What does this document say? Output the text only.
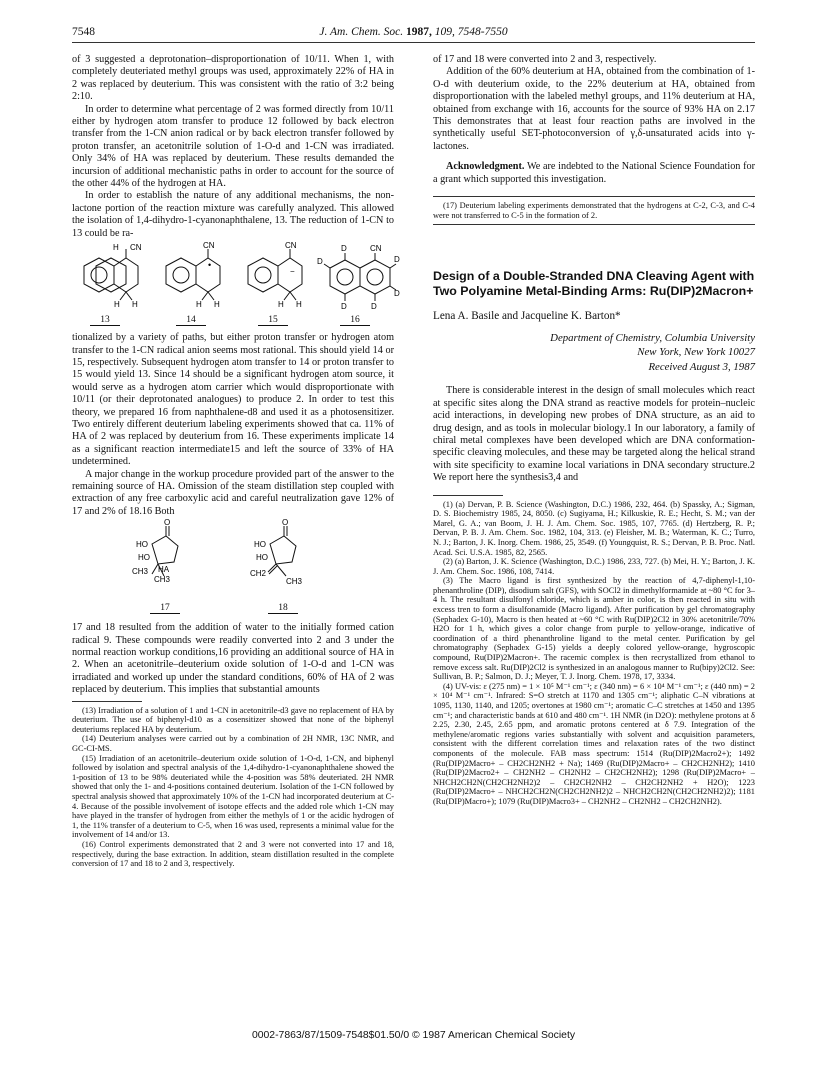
7548	J. Am. Chem. Soc. 1987, 109, 7548-7550

of 3 suggested a deprotonation–disproportionation of 10/11. When 1, with completely deuteriated methyl groups was used, approximately 22% of HA in 2 was replaced by deuterium. This was consistent with the ratio of 3:2 being 2:10.

In order to determine what percentage of 2 was formed directly from 10/11 either by hydrogen atom transfer to produce 12 followed by back electron transfer from the 1-CN anion radical or by back electron transfer followed by proton transfer, an acetonitrile solution of 1-O-d and 1-CN was irradiated. Only 34% of HA was replaced by deuterium. These results demanded the incursion of additional mechanistic paths in order to account for the source of the other 44% of the hydrogen at HA.

In order to establish the nature of any additional mechanisms, the non-lactone portion of the reaction mixture was carefully analyzed. This allowed the isolation of 1,4-dihydro-1-cyanonaphthalene, 13. The reduction of 1-CN to 13 could be ra-

H CN
H H
CN
H H
•
CN
H H
−
D	CN
D	D
D
D	D
13	14	15	16

tionalized by a variety of paths, but either proton transfer or hydrogen atom transfer to the 1-CN radical anion seems most rational. This should yield 14 or 15, respectively. Subsequent hydrogen atom transfer to 14 or proton transfer to 15 would yield 13. Since 14 should be a significant hydrogen atom source, it would serve as a hydrogen atom carrier which would disproportionate with 10/11 (or their deprotonated analogues) to produce 2. In order to test this theory, we prepared 16 from naphthalene-d8 and used it as a photosensitizer. Two entirely different deuterium labeling experiments showed that ca. 11% of HA of 2 was replaced by deuterium from 16. These experiments implicate 14 as a significant reaction intermediate15 and left the source of 33% of HA undetermined.

A major change in the workup procedure provided part of the answer to the remaining source of HA. Omission of the steam distillation step coupled with extraction of any free carboxylic acid and careful neutralization gave 12% of 17 and 2% of 18.16 Both

O
HO
HO
CH3 HA
CH3
O
HO
HO
CH2
CH3
17	18

17 and 18 resulted from the addition of water to the initially formed cation radical 9. These compounds were readily converted into 2 and 3 under the normal reaction workup conditions,16 providing an additional source of HA in 2. When an acetonitrile–deuterium oxide solution of 1-O-d and 1-CN was irradiated and worked up under the standard conditions, 60% of HA of 2 was replaced by deuterium. This implies that substantial amounts

(13) Irradiation of a solution of 1 and 1-CN in acetonitrile-d3 gave no replacement of HA by deuterium. The use of biphenyl-d10 as a cosensitizer showed that none of the biphenyl deuteriums replaced HA by deuterium.

(14) Deuterium analyses were carried out by a combination of 2H NMR, 13C NMR, and GC-CI-MS.

(15) Irradiation of an acetonitrile–deuterium oxide solution of 1-O-d, 1-CN, and biphenyl followed by isolation and spectral analysis of the 1,4-dihydro-1-cyanonaphthalene showed the 1-position of 13 to be 98% deuteriated while the 4-position was 58% deuteriated. 2H NMR showed that only the 1- and 4-positions contained deuterium. Isolation of the 1-CN followed by spectral analysis showed that approximately 10% of the 1-CN had incorporated deuterium at C-4. Because of the possible involvement of isotope effects and the added role which 1-CN may have played in the transfer of hydrogen from either the methyls of 1 or the acidic hydrogen of 1, the 11% transfer of a deuterium to C-5, when 16 was used, represents a minimal value for the involvement of 14 and/or 13.

(16) Control experiments demonstrated that 2 and 3 were not converted into 17 and 18, respectively, during the base extraction. In addition, steam distillation resulted in the complete conversion of 17 and 18 to 2 and 3, respectively.

of 17 and 18 were converted into 2 and 3, respectively.

Addition of the 60% deuterium at HA, obtained from the combination of 1-O-d with deuterium oxide, to the 22% deuterium at HA, obtained from disproportionation with the labeled methyl groups, and 11% deuterium at HA, obtained from exchange with 16, accounts for the source of 93% HA on 2.17 This demonstrates that at least four reaction paths are involved in the synthetically useful SET-photoconversion of γ,δ-unsaturated acids into γ-lactones.

Acknowledgment. We are indebted to the National Science Foundation for a grant which supported this investigation.

(17) Deuterium labeling experiments demonstrated that the hydrogens at C-2, C-3, and C-4 were not transferred to C-5 in the formation of 2.

Design of a Double-Stranded DNA Cleaving Agent with Two Polyamine Metal-Binding Arms: Ru(DIP)2Macron+
Lena A. Basile and Jacqueline K. Barton*
Department of Chemistry, Columbia University
New York, New York 10027
Received August 3, 1987

There is considerable interest in the design of small molecules which react at specific sites along the DNA strand as reactive models for protein–nucleic acid interactions, in developing new probes of DNA structure, as an aid to drug design, and as tools in molecular biology.1 In our laboratory, a family of chiral metal complexes have been developed which are DNA conformation-specific cleaving molecules, and these may be targeted along the helical strand with site specificity to examine local variations in DNA secondary structure.2 We report here the synthesis3,4 and

(1) (a) Dervan, P. B. Science (Washington, D.C.) 1986, 232, 464. (b) Spassky, A.; Sigman, D. S. Biochemistry 1985, 24, 8050. (c) Sugiyama, H.; Kilkuskie, R. E.; Hecht, S. M.; van der Marel, G. A.; van Boom, J. H. J. Am. Chem. Soc. 1985, 107, 7765. (d) Hertzberg, R. P.; Dervan, P. B. J. Am. Chem. Soc. 1982, 104, 313. (e) Fleisher, M. B.; Waterman, K. C.; Turro, N. J.; Barton, J. K. Inorg. Chem. 1986, 25, 3549. (f) Youngquist, R. S.; Dervan, P. B. Proc. Natl. Acad. Sci. U.S.A. 1985, 82, 2565.

(2) (a) Barton, J. K. Science (Washington, D.C.) 1986, 233, 727. (b) Mei, H. Y.; Barton, J. K. J. Am. Chem. Soc. 1986, 108, 7414.

(3) The Macro ligand is first synthesized by the reaction of 4,7-diphenyl-1,10-phenanthroline (DIP), disodium salt (GFS), with SOCl2 in dimethylformamide at ~80 °C for 3–4 h. The resultant disulfonyl chloride, which is amber in color, is then reacted in situ with excess tren to form a disulfonamide (Macro ligand). After purification by gel chromatography (Sephadex G-10), Macro is then heated at ~60 °C with Ru(DIP)2Cl2 in 30% acetonitrile/70% H2O for 1 h, which gives a color change from purple to yellow-orange, indicative of coordination of a third phenanthroline ligand to the metal center. Purification by gel chromatography (Sephadex G-15) yields a deeply colored yellow-orange, hygroscopic compound, Ru(DIP)2Macron+. The racemic complex is then recrystallized from ethanol to remove excess salt. Ru(DIP)2Cl2 is synthesized in an analogous manner to Ru(bipy)2Cl2. See: Sullivan, B. P.; Salmon, D. J.; Meyer, T. J. Inorg. Chem. 1978, 17, 3334.

(4) UV-vis: ε (275 nm) = 1 × 10⁵ M⁻¹ cm⁻¹; ε (340 nm) = 6 × 10⁴ M⁻¹ cm⁻¹; ε (440 nm) = 2 × 10⁴ M⁻¹ cm⁻¹. Infrared: S=O stretch at 1170 and 1305 cm⁻¹; aliphatic C–N vibrations at 1095, 1130, 1140, and 1205; overtones at 1980 cm⁻¹; aromatic C–C stretches at 1450 and 1395 cm⁻¹; and characteristic bands at 610 and 480 cm⁻¹. 1H NMR (in D2O): methylene protons at δ 2.25, 2.30, 2.45, 2.65 ppm, and aromatic protons centered at δ 7.9. Integration of the methylene/aromatic regions varies substantially with solvent and acquisition parameters, consistent with the different correlation times and relaxation rates of the two distinct components of the molecule. FAB mass spectrum: 1514 (Ru(DIP)2Macro2+); 1492 (Ru(DIP)2Macro+ – CH2CH2NH2 + Na); 1469 (Ru(DIP)2Macro+ – CH2CH2NH2); 1410 (Ru(DIP)2Macro2+ – CH2NH2 – CH2NH2 – CH2CH2NH2); 1298 (Ru(DIP)2Macro+ – NHCH2CH2N(CH2CH2NH2)2 – CH2CH2NH2 – CH2CH2NH2 + H2O); 1223 (Ru(DIP)2Macro+ – NHCH2CH2N(CH2CH2NH2)2 – NHCH2CH2N(CH2CH2NH2)2); 1181 (Ru(DIP)Macro+); 1079 (Ru(DIP)Macro3+ – CH2NH2 – CH2NH2 – CH2CH2NH2).

0002-7863/87/1509-7548$01.50/0 © 1987 American Chemical Society
